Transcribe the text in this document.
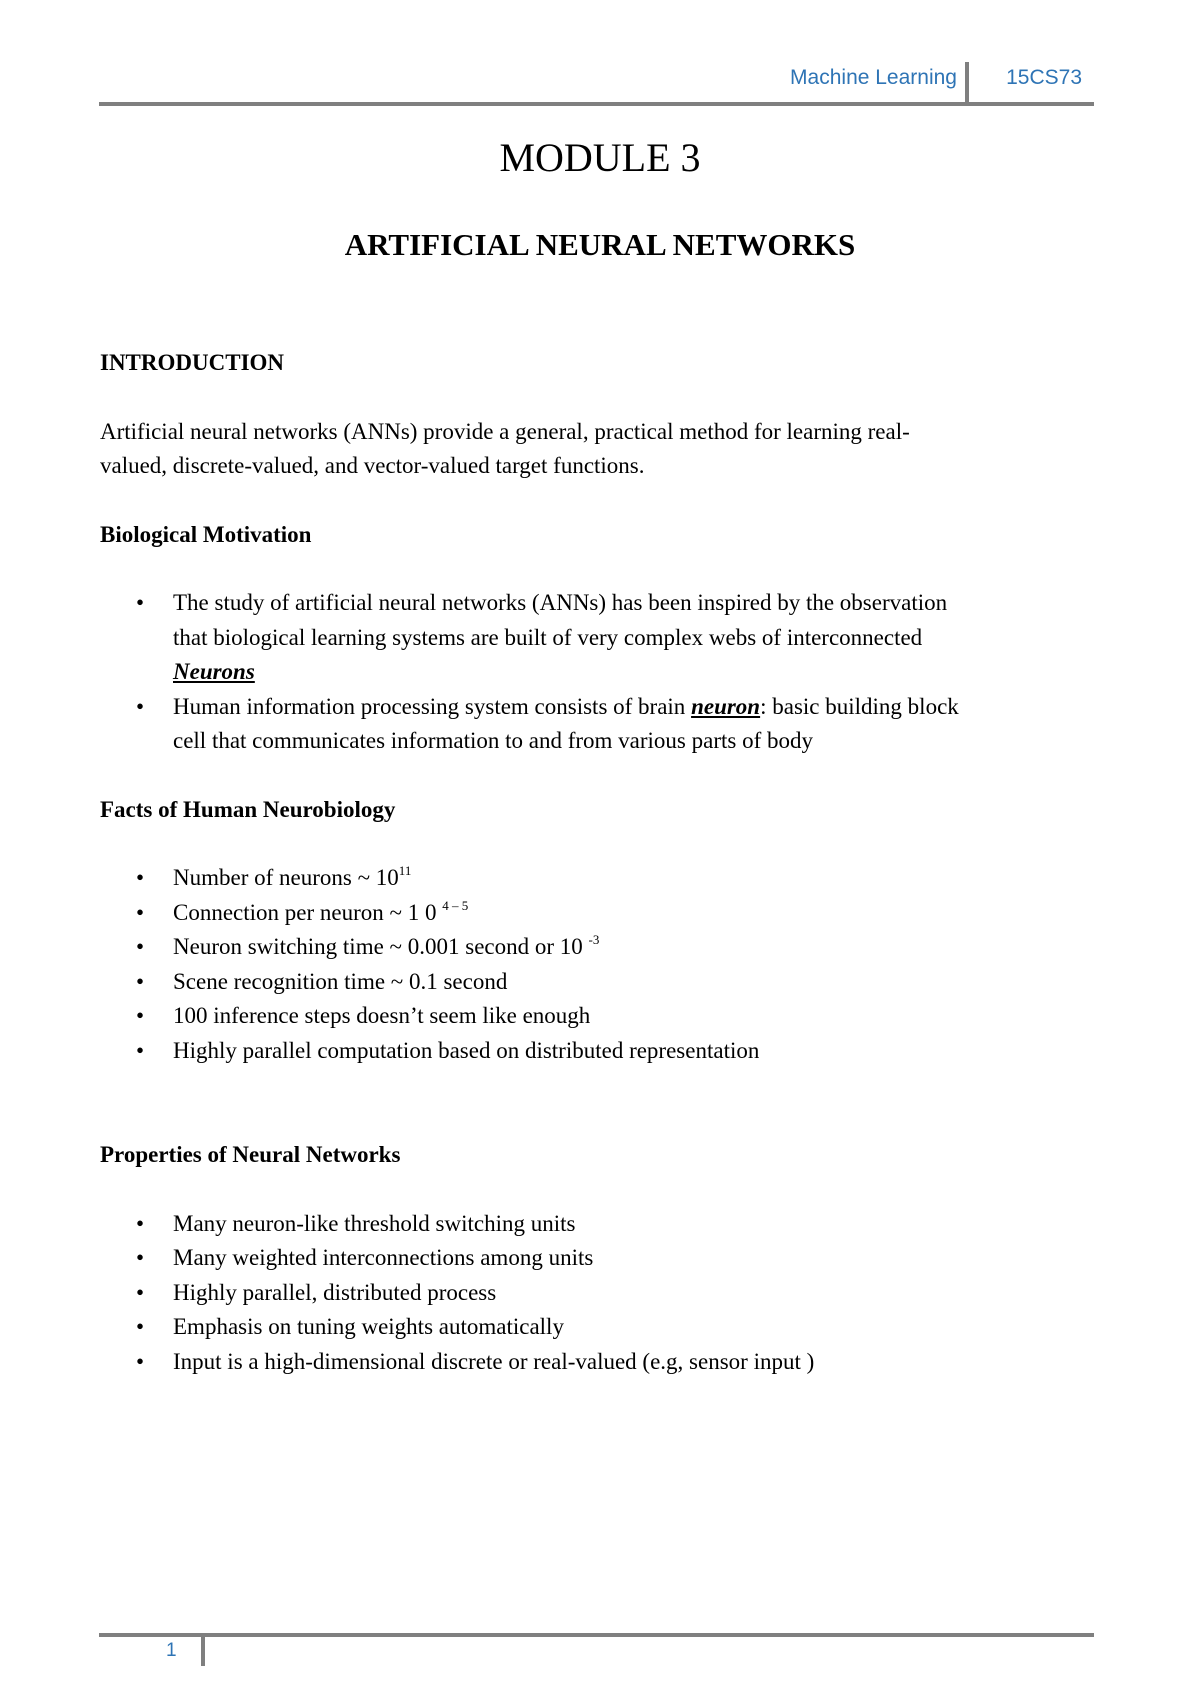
Machine Learning 15CS73
MODULE 3
ARTIFICIAL NEURAL NETWORKS

INTRODUCTION

Artificial neural networks (ANNs) provide a general, practical method for learning real-
valued, discrete-valued, and vector-valued target functions.

Biological Motivation

• The study of artificial neural networks (ANNs) has been inspired by the observation
that biological learning systems are built of very complex webs of interconnected
Neurons
• Human information processing system consists of brain neuron: basic building block
cell that communicates information to and from various parts of body

Facts of Human Neurobiology

• Number of neurons ~ $10^{11}$
• Connection per neuron ~ 1 0 $^{4 - 5}$
• Neuron switching time ~ 0.001 second or 10 $^{-3}$
• Scene recognition time ~ 0.1 second
• 100 inference steps doesn’t seem like enough
• Highly parallel computation based on distributed representation

Properties of Neural Networks

• Many neuron-like threshold switching units
• Many weighted interconnections among units
• Highly parallel, distributed process
• Emphasis on tuning weights automatically
• Input is a high-dimensional discrete or real-valued (e.g, sensor input )
1
